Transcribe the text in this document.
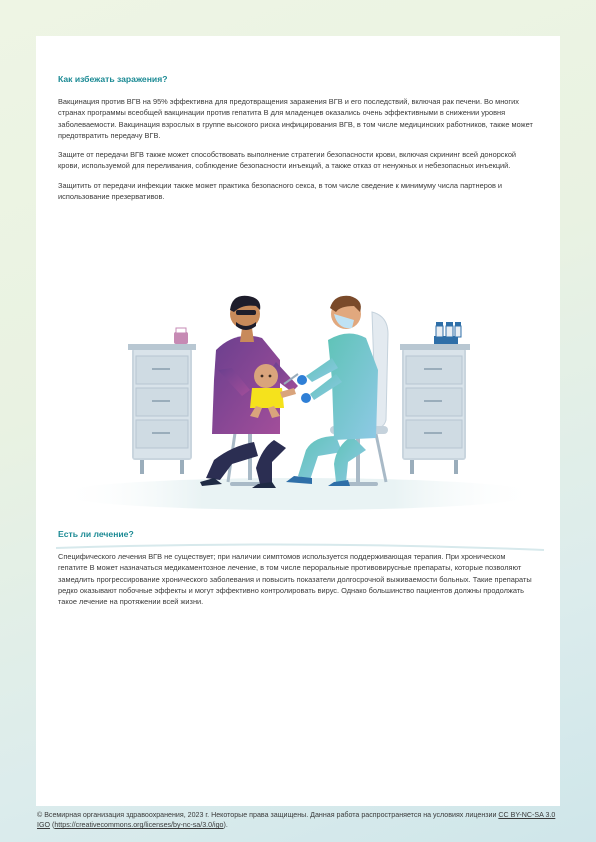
Как избежать заражения?

Вакцинация против ВГВ на 95% эффективна для предотвращения заражения ВГВ и его последствий, включая рак печени. Во многих странах программы всеобщей вакцинации против гепатита В для младенцев оказались очень эффективными в снижении уровня заболеваемости. Вакцинация взрослых в группе высокого риска инфицирования ВГВ, в том числе медицинских работников, также может предотвратить передачу ВГВ.

Защите от передачи ВГВ также может способствовать выполнение стратегии безопасности крови, включая скрининг всей донорской крови, используемой для переливания, соблюдение безопасности инъекций, а также отказ от ненужных и небезопасных инъекций.

Защитить от передачи инфекции также может практика безопасного секса, в том числе сведение к минимуму числа партнеров и использование презервативов.

Есть ли лечение?

Специфического лечения ВГВ не существует; при наличии симптомов используется поддерживающая терапия. При хроническом гепатите В может назначаться медикаментозное лечение, в том числе пероральные противовирусные препараты, которые позволяют замедлить прогрессирование хронического заболевания и повысить показатели долгосрочной выживаемости больных. Такие препараты редко оказывают побочные эффекты и могут эффективно контролировать вирус. Однако большинство пациентов должны продолжать такое лечение на протяжении всей жизни.

© Всемирная организация здравоохранения, 2023 г. Некоторые права защищены. Данная работа распространяется на условиях лицензии CC BY-NC-SA 3.0 IGO (https://creativecommons.org/licenses/by-nc-sa/3.0/igo).
